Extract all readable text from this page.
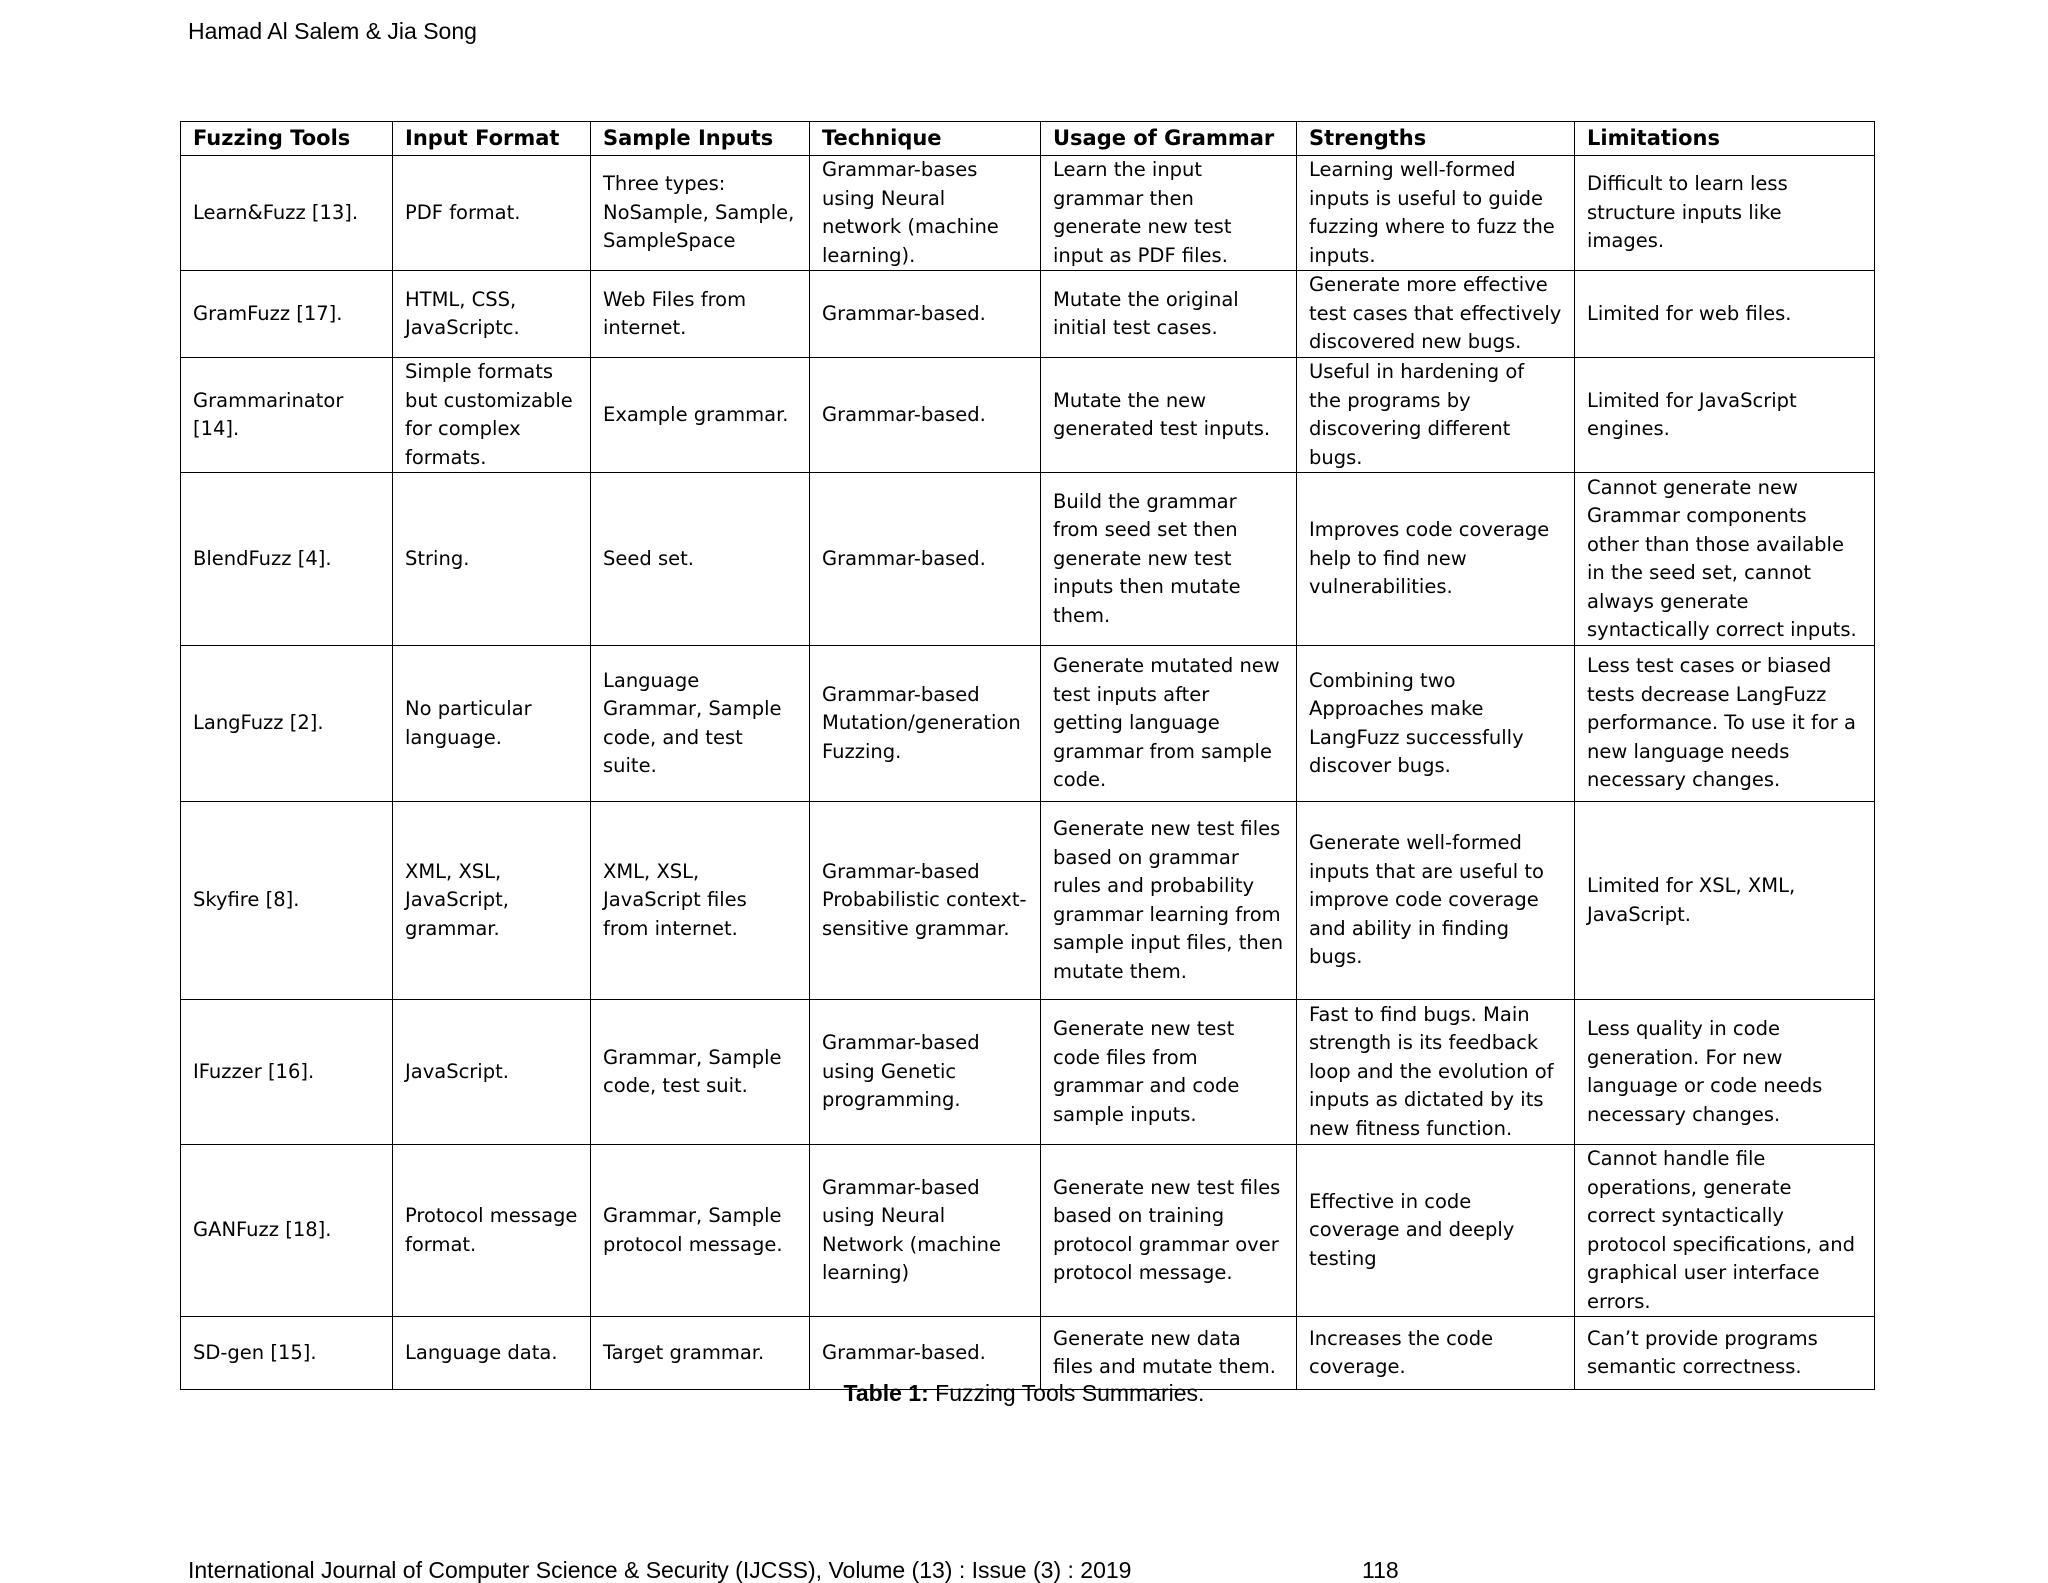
Hamad Al Salem & Jia Song
Fuzzing Tools	Input Format	Sample Inputs	Technique	Usage of Grammar	Strengths	Limitations
Learn&Fuzz [13].	PDF format.	Three types: NoSample, Sample, SampleSpace	Grammar-bases using Neural network (machine learning).	Learn the input grammar then generate new test input as PDF files.	Learning well-formed inputs is useful to guide fuzzing where to fuzz the inputs.	Difficult to learn less structure inputs like images.
GramFuzz [17].	HTML, CSS, JavaScriptc.	Web Files from internet.	Grammar-based.	Mutate the original initial test cases.	Generate more effective test cases that effectively discovered new bugs.	Limited for web files.
Grammarinator [14].	Simple formats but customizable for complex formats.	Example grammar.	Grammar-based.	Mutate the new generated test inputs.	Useful in hardening of the programs by discovering different bugs.	Limited for JavaScript engines.
BlendFuzz [4].	String.	Seed set.	Grammar-based.	Build the grammar from seed set then generate new test inputs then mutate them.	Improves code coverage help to find new vulnerabilities.	Cannot generate new Grammar components other than those available in the seed set, cannot always generate syntactically correct inputs.
LangFuzz [2].	No particular language.	Language Grammar, Sample code, and test suite.	Grammar-based Mutation/generation Fuzzing.	Generate mutated new test inputs after getting language grammar from sample code.	Combining two Approaches make LangFuzz successfully discover bugs.	Less test cases or biased tests decrease LangFuzz performance. To use it for a new language needs necessary changes.
Skyfire [8].	XML, XSL, JavaScript, grammar.	XML, XSL, JavaScript files from internet.	Grammar-based Probabilistic context-sensitive grammar.	Generate new test files based on grammar rules and probability grammar learning from sample input files, then mutate them.	Generate well-formed inputs that are useful to improve code coverage and ability in finding bugs.	Limited for XSL, XML, JavaScript.
IFuzzer [16].	JavaScript.	Grammar, Sample code, test suit.	Grammar-based using Genetic programming.	Generate new test code files from grammar and code sample inputs.	Fast to find bugs. Main strength is its feedback loop and the evolution of inputs as dictated by its new fitness function.	Less quality in code generation. For new language or code needs necessary changes.
GANFuzz [18].	Protocol message format.	Grammar, Sample protocol message.	Grammar-based using Neural Network (machine learning)	Generate new test files based on training protocol grammar over protocol message.	Effective in code coverage and deeply testing	Cannot handle file operations, generate correct syntactically protocol specifications, and graphical user interface errors.
SD-gen [15].	Language data.	Target grammar.	Grammar-based.	Generate new data files and mutate them.	Increases the code coverage.	Can’t provide programs semantic correctness.
Table 1: Fuzzing Tools Summaries.
International Journal of Computer Science & Security (IJCSS), Volume (13) : Issue (3) : 2019	118
